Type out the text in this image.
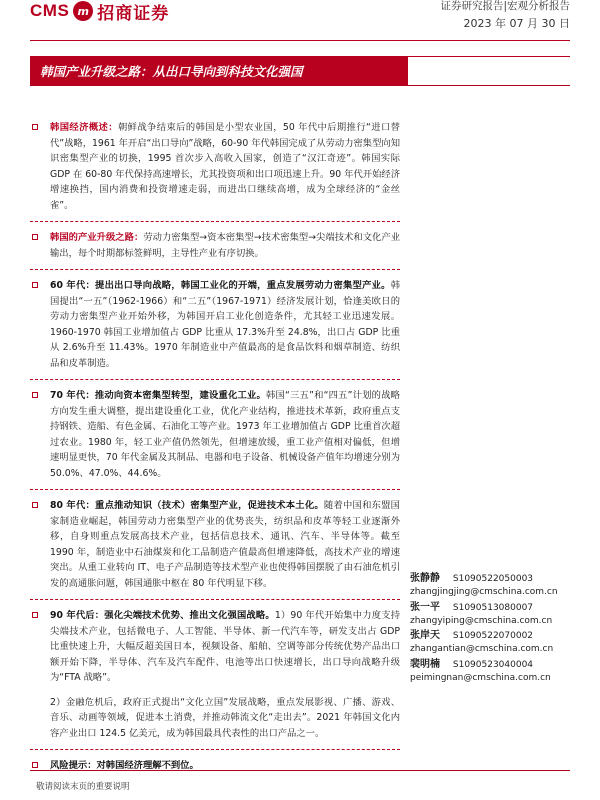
CMS m 招商证券	证券研究报告|宏观分析报告
2023 年 07 月 30 日
韩国产业升级之路：从出口导向到科技文化强国
韩国经济概述：朝鲜战争结束后的韩国是小型农业国，50 年代中后期推行“进口替代”战略，1961 年开启“出口导向”战略，60-90 年代韩国完成了从劳动力密集型向知识密集型产业的切换，1995 首次步入高收入国家，创造了“汉江奇迹”。韩国实际 GDP 在 60-80 年代保持高速增长，尤其投资项和出口项迅速上升。90 年代开始经济增速换挡，国内消费和投资增速走弱，而进出口继续高增，成为全球经济的“金丝雀”。
韩国的产业升级之路：劳动力密集型→资本密集型→技术密集型→尖端技术和文化产业输出，每个时期都标签鲜明，主导性产业有序切换。
60 年代：提出出口导向战略，韩国工业化的开端，重点发展劳动力密集型产业。韩国提出“一五”（1962-1966）和“二五”（1967-1971）经济发展计划，恰逢美欧日的劳动力密集型产业开始外移，为韩国开启工业化创造条件，尤其轻工业迅速发展。1960-1970 韩国工业增加值占 GDP 比重从 17.3%升至 24.8%，出口占 GDP 比重从 2.6%升至 11.43%。1970 年制造业中产值最高的是食品饮料和烟草制造、纺织品和皮革制造。
70 年代：推动向资本密集型转型，建设重化工业。韩国“三五”和“四五”计划的战略方向发生重大调整，提出建设重化工业，优化产业结构，推进技术革新，政府重点支持钢铁、造船、有色金属、石油化工等产业。1973 年工业增加值占 GDP 比重首次超过农业。1980 年，轻工业产值仍然领先，但增速放缓，重工业产值相对偏低，但增速明显更快，70 年代金属及其制品、电器和电子设备、机械设备产值年均增速分别为 50.0%、47.0%、44.6%。
80 年代：重点推动知识（技术）密集型产业，促进技术本土化。随着中国和东盟国家制造业崛起，韩国劳动力密集型产业的优势丧失，纺织品和皮革等轻工业逐渐外移，自身则重点发展高技术产业，包括信息技术、通讯、汽车、半导体等。截至 1990 年，制造业中石油煤炭和化工品制造产值最高但增速降低，高技术产业的增速突出。从重工业转向 IT、电子产品制造等技术型产业也使得韩国摆脱了由石油危机引发的高通胀问题，韩国通胀中枢在 80 年代明显下移。
90 年代后：强化尖端技术优势、推出文化强国战略。1）90 年代开始集中力度支持尖端技术产业，包括微电子、人工智能、半导体、新一代汽车等，研发支出占 GDP 比重快速上升，大幅反超美国日本，视频设备、船舶、空调等部分传统优势产品出口额开始下降，半导体、汽车及汽车配件、电池等出口快速增长，出口导向战略升级为“FTA 战略”。
2）金融危机后，政府正式提出“文化立国”发展战略，重点发展影视、广播、游戏、音乐、动画等领域，促进本土消费，并推动韩流文化“走出去”。2021 年韩国文化内容产业出口 124.5 亿美元，成为韩国最具代表性的出口产品之一。
风险提示：对韩国经济理解不到位。
张静静 S1090522050003
zhangjingjing@cmschina.com.cn
张一平 S1090513080007
zhangyiping@cmschina.com.cn
张岸天 S1090522070002
zhangantian@cmschina.com.cn
裴明楠 S1090523040004
peimingnan@cmschina.com.cn
敬请阅读末页的重要说明
